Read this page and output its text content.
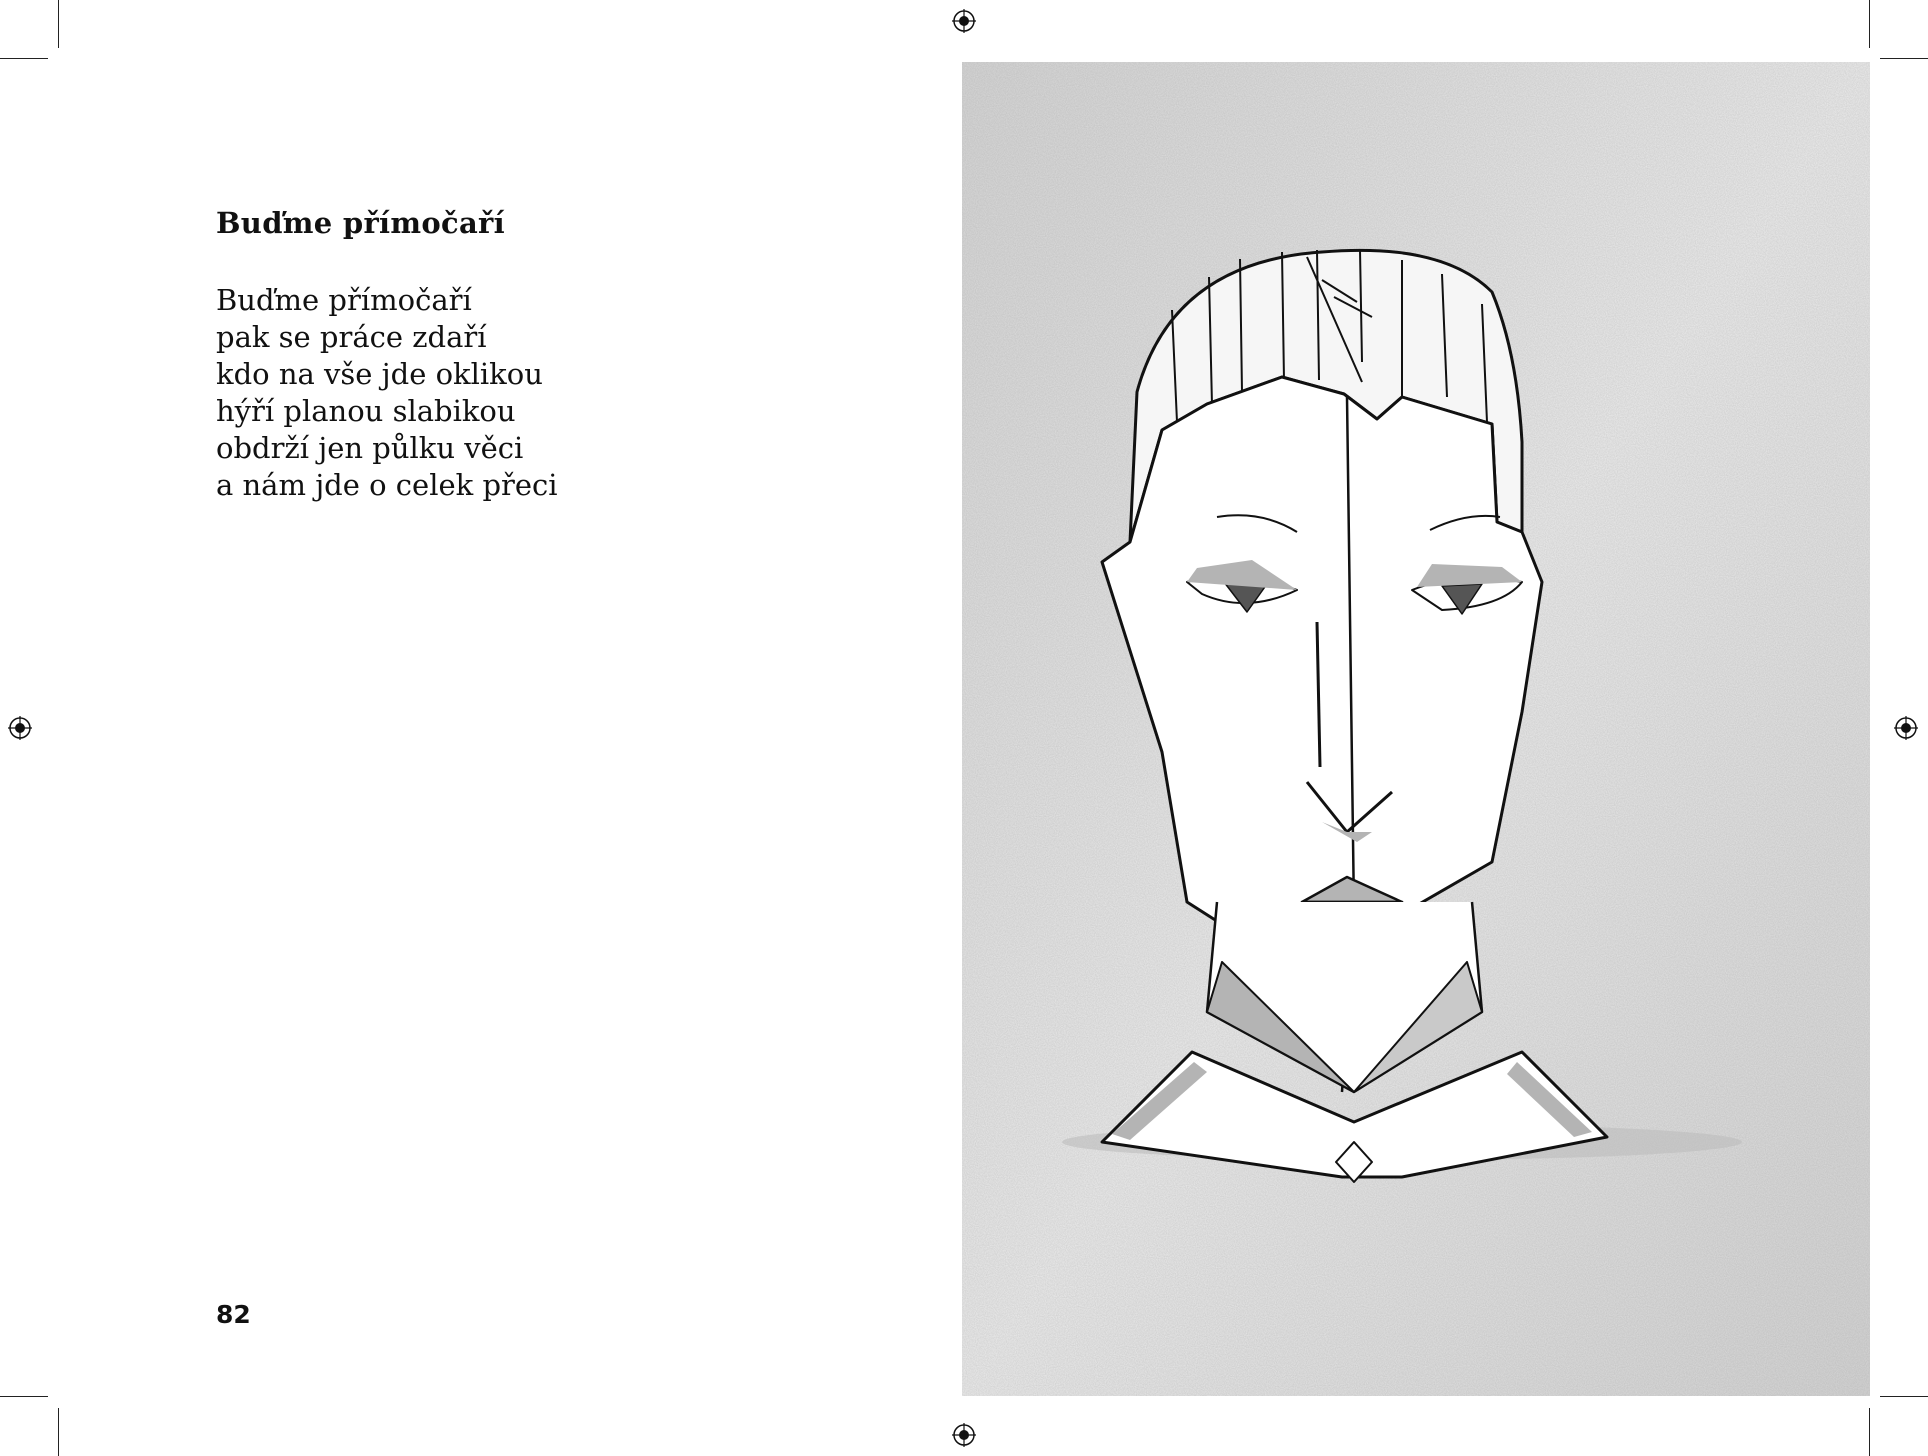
Buďme přímočaří
Buďme přímočaří
pak se práce zdaří
kdo na vše jde oklikou
hýří planou slabikou
obdrží jen půlku věci
a nám jde o celek přeci
82
